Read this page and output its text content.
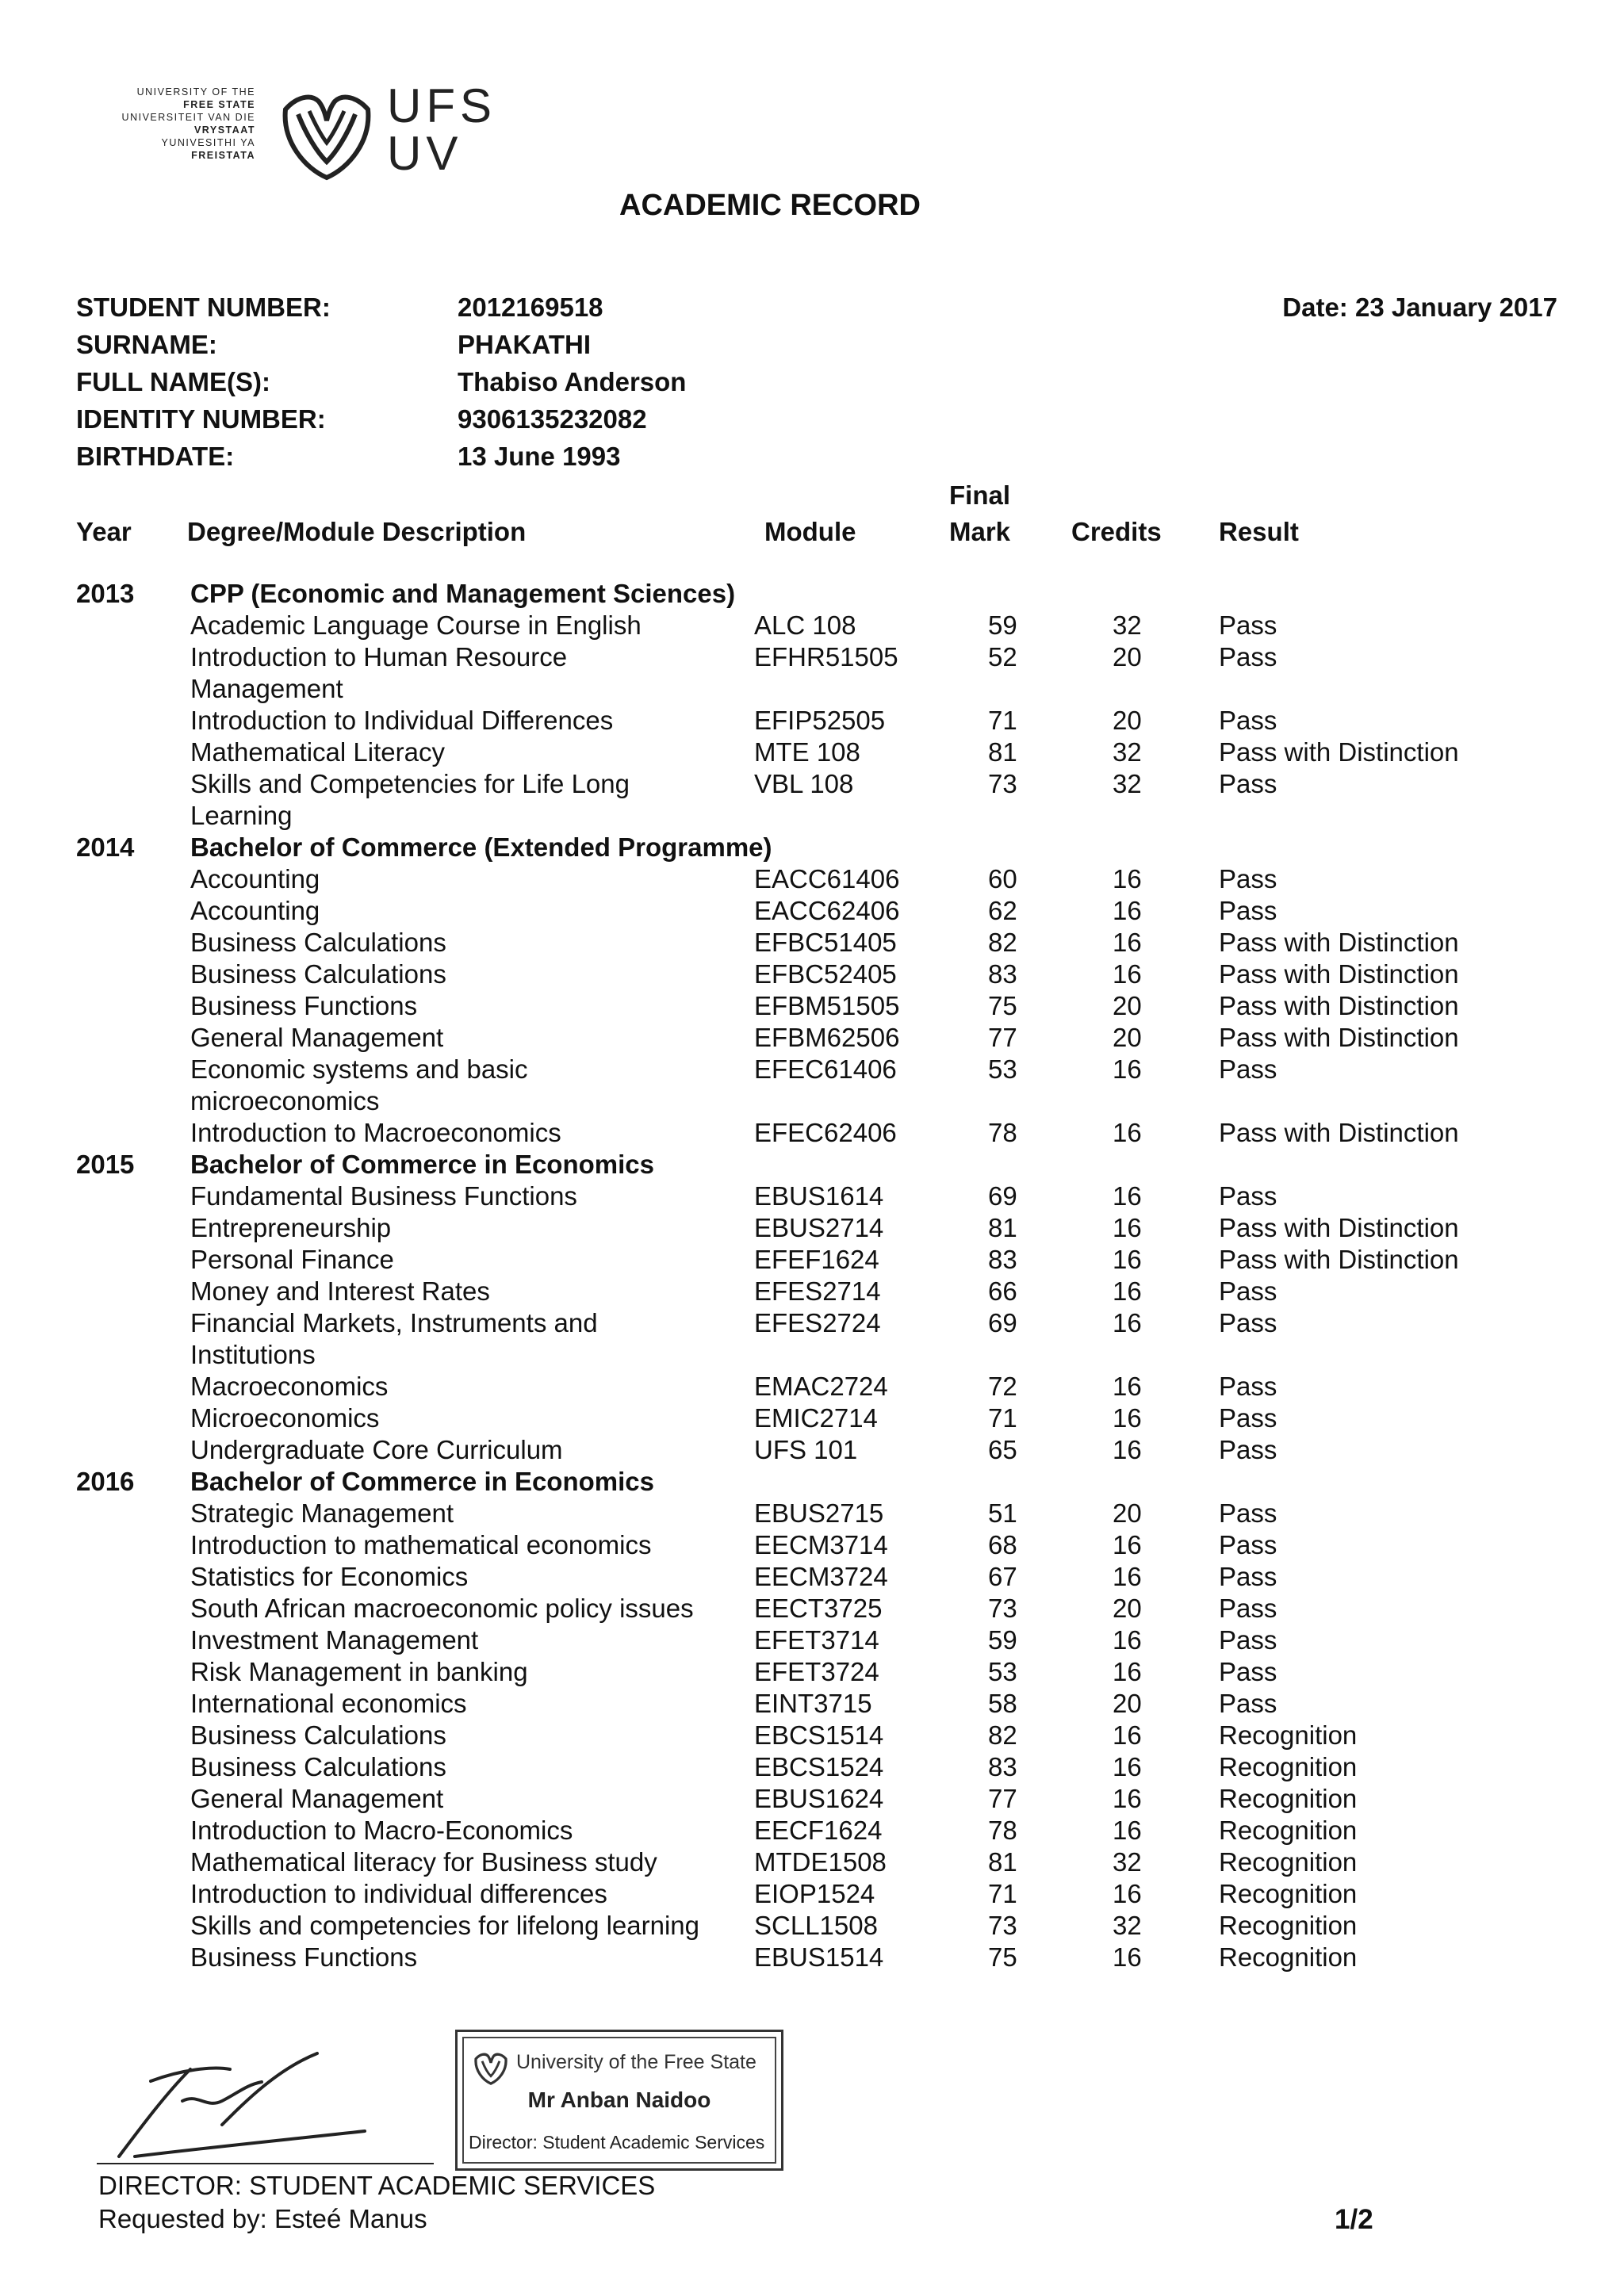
UNIVERSITY OF THE
FREE STATE
UNIVERSITEIT VAN DIE
VRYSTAAT
YUNIVESITHI YA
FREISTATA
UFS
UV
ACADEMIC RECORD
STUDENT NUMBER:	2012169518	Date: 23 January 2017
SURNAME:	PHAKATHI
FULL NAME(S):	Thabiso Anderson
IDENTITY NUMBER:	9306135232082
BIRTHDATE:	13 June 1993
Year Degree/Module Description	Module
Final
Mark Credits Result
2013 CPP (Economic and Management Sciences)
Academic Language Course in English	ALC 108	59	32	Pass
Introduction to Human Resource	EFHR51505	52	20	Pass
Management
Introduction to Individual Differences	EFIP52505	71	20	Pass
Mathematical Literacy	MTE 108	81	32	Pass with Distinction
Skills and Competencies for Life Long	VBL 108	73	32	Pass
Learning
2014 Bachelor of Commerce (Extended Programme)
Accounting	EACC61406	60	16	Pass
Accounting	EACC62406	62	16	Pass
Business Calculations	EFBC51405	82	16	Pass with Distinction
Business Calculations	EFBC52405	83	16	Pass with Distinction
Business Functions	EFBM51505	75	20	Pass with Distinction
General Management	EFBM62506	77	20	Pass with Distinction
Economic systems and basic	EFEC61406	53	16	Pass
microeconomics
Introduction to Macroeconomics	EFEC62406	78	16	Pass with Distinction
2015 Bachelor of Commerce in Economics
Fundamental Business Functions	EBUS1614	69	16	Pass
Entrepreneurship	EBUS2714	81	16	Pass with Distinction
Personal Finance	EFEF1624	83	16	Pass with Distinction
Money and Interest Rates	EFES2714	66	16	Pass
Financial Markets, Instruments and	EFES2724	69	16	Pass
Institutions
Macroeconomics	EMAC2724	72	16	Pass
Microeconomics	EMIC2714	71	16	Pass
Undergraduate Core Curriculum	UFS 101	65	16	Pass
2016 Bachelor of Commerce in Economics
Strategic Management	EBUS2715	51	20	Pass
Introduction to mathematical economics	EECM3714	68	16	Pass
Statistics for Economics	EECM3724	67	16	Pass
South African macroeconomic policy issues EECT3725	73	20	Pass
Investment Management	EFET3714	59	16	Pass
Risk Management in banking	EFET3724	53	16	Pass
International economics	EINT3715	58	20	Pass
Business Calculations	EBCS1514	82	16	Recognition
Business Calculations	EBCS1524	83	16	Recognition
General Management	EBUS1624	77	16	Recognition
Introduction to Macro-Economics	EECF1624	78	16	Recognition
Mathematical literacy for Business study	MTDE1508	81	32	Recognition
Introduction to individual differences	EIOP1524	71	16	Recognition
Skills and competencies for lifelong learning SCLL1508	73	32	Recognition
Business Functions	EBUS1514	75	16	Recognition
University of the Free State
Mr Anban Naidoo
Director: Student Academic Services
DIRECTOR: STUDENT ACADEMIC SERVICES
Requested by: Esteé Manus	1/2
